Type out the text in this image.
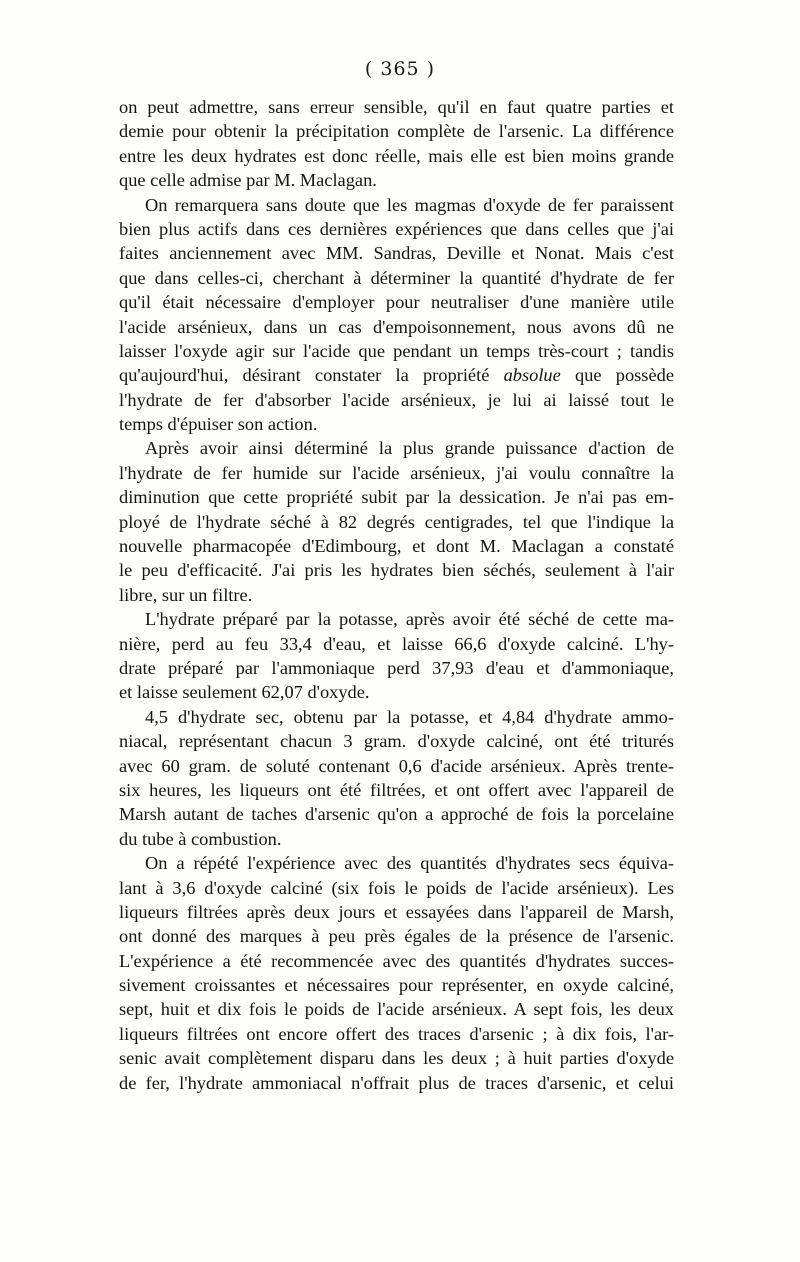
( 365 )
on peut admettre, sans erreur sensible, qu'il en faut quatre parties et
demie pour obtenir la précipitation complète de l'arsenic. La différence
entre les deux hydrates est donc réelle, mais elle est bien moins grande
que celle admise par M. Maclagan.
On remarquera sans doute que les magmas d'oxyde de fer paraissent
bien plus actifs dans ces dernières expériences que dans celles que j'ai
faites anciennement avec MM. Sandras, Deville et Nonat. Mais c'est
que dans celles-ci, cherchant à déterminer la quantité d'hydrate de fer
qu'il était nécessaire d'employer pour neutraliser d'une manière utile
l'acide arsénieux, dans un cas d'empoisonnement, nous avons dû ne
laisser l'oxyde agir sur l'acide que pendant un temps très-court ; tandis
qu'aujourd'hui, désirant constater la propriété absolue que possède
l'hydrate de fer d'absorber l'acide arsénieux, je lui ai laissé tout le
temps d'épuiser son action.
Après avoir ainsi déterminé la plus grande puissance d'action de
l'hydrate de fer humide sur l'acide arsénieux, j'ai voulu connaître la
diminution que cette propriété subit par la dessication. Je n'ai pas em-
ployé de l'hydrate séché à 82 degrés centigrades, tel que l'indique la
nouvelle pharmacopée d'Edimbourg, et dont M. Maclagan a constaté
le peu d'efficacité. J'ai pris les hydrates bien séchés, seulement à l'air
libre, sur un filtre.
L'hydrate préparé par la potasse, après avoir été séché de cette ma-
nière, perd au feu 33,4 d'eau, et laisse 66,6 d'oxyde calciné. L'hy-
drate préparé par l'ammoniaque perd 37,93 d'eau et d'ammoniaque,
et laisse seulement 62,07 d'oxyde.
4,5 d'hydrate sec, obtenu par la potasse, et 4,84 d'hydrate ammo-
niacal, représentant chacun 3 gram. d'oxyde calciné, ont été triturés
avec 60 gram. de soluté contenant 0,6 d'acide arsénieux. Après trente-
six heures, les liqueurs ont été filtrées, et ont offert avec l'appareil de
Marsh autant de taches d'arsenic qu'on a approché de fois la porcelaine
du tube à combustion.
On a répété l'expérience avec des quantités d'hydrates secs équiva-
lant à 3,6 d'oxyde calciné (six fois le poids de l'acide arsénieux). Les
liqueurs filtrées après deux jours et essayées dans l'appareil de Marsh,
ont donné des marques à peu près égales de la présence de l'arsenic.
L'expérience a été recommencée avec des quantités d'hydrates succes-
sivement croissantes et nécessaires pour représenter, en oxyde calciné,
sept, huit et dix fois le poids de l'acide arsénieux. A sept fois, les deux
liqueurs filtrées ont encore offert des traces d'arsenic ; à dix fois, l'ar-
senic avait complètement disparu dans les deux ; à huit parties d'oxyde
de fer, l'hydrate ammoniacal n'offrait plus de traces d'arsenic, et celui
